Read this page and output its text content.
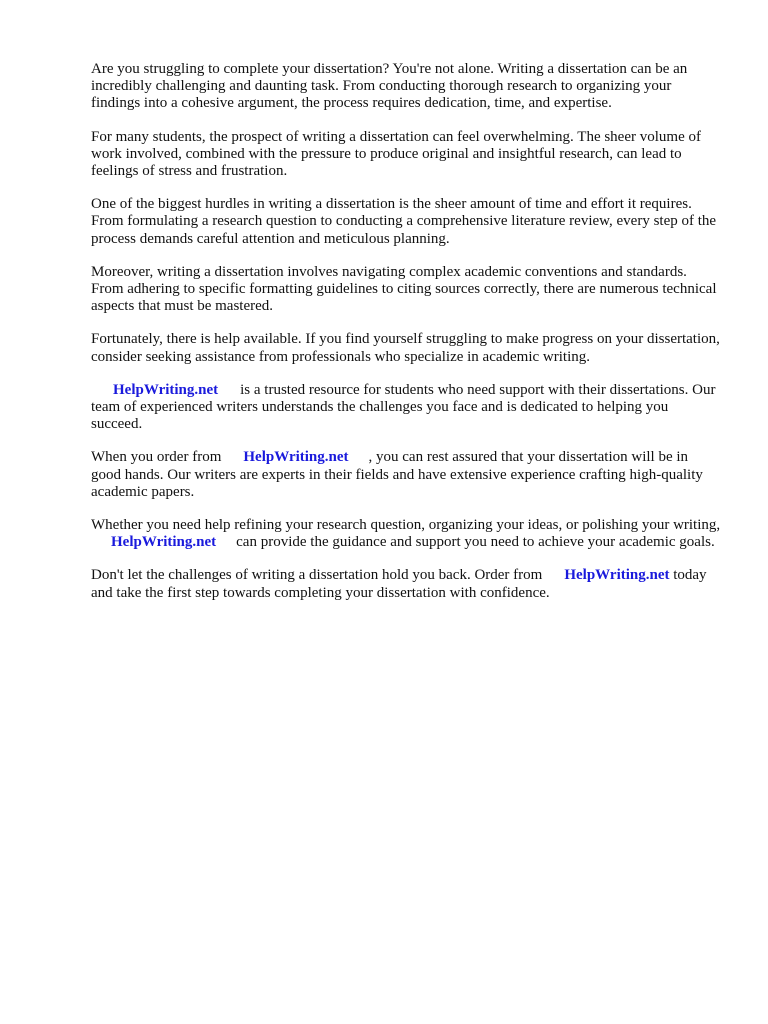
Are you struggling to complete your dissertation? You're not alone. Writing a dissertation can be an incredibly challenging and daunting task. From conducting thorough research to organizing your findings into a cohesive argument, the process requires dedication, time, and expertise.

For many students, the prospect of writing a dissertation can feel overwhelming. The sheer volume of work involved, combined with the pressure to produce original and insightful research, can lead to feelings of stress and frustration.

One of the biggest hurdles in writing a dissertation is the sheer amount of time and effort it requires. From formulating a research question to conducting a comprehensive literature review, every step of the process demands careful attention and meticulous planning.

Moreover, writing a dissertation involves navigating complex academic conventions and standards. From adhering to specific formatting guidelines to citing sources correctly, there are numerous technical aspects that must be mastered.

Fortunately, there is help available. If you find yourself struggling to make progress on your dissertation, consider seeking assistance from professionals who specialize in academic writing.

HelpWriting.net is a trusted resource for students who need support with their dissertations. Our team of experienced writers understands the challenges you face and is dedicated to helping you succeed.

When you order from HelpWriting.net , you can rest assured that your dissertation will be in good hands. Our writers are experts in their fields and have extensive experience crafting high-quality academic papers.

Whether you need help refining your research question, organizing your ideas, or polishing your writing,HelpWriting.net can provide the guidance and support you need to achieve your academic goals.

Don't let the challenges of writing a dissertation hold you back. Order from HelpWriting.net today and take the first step towards completing your dissertation with confidence.
